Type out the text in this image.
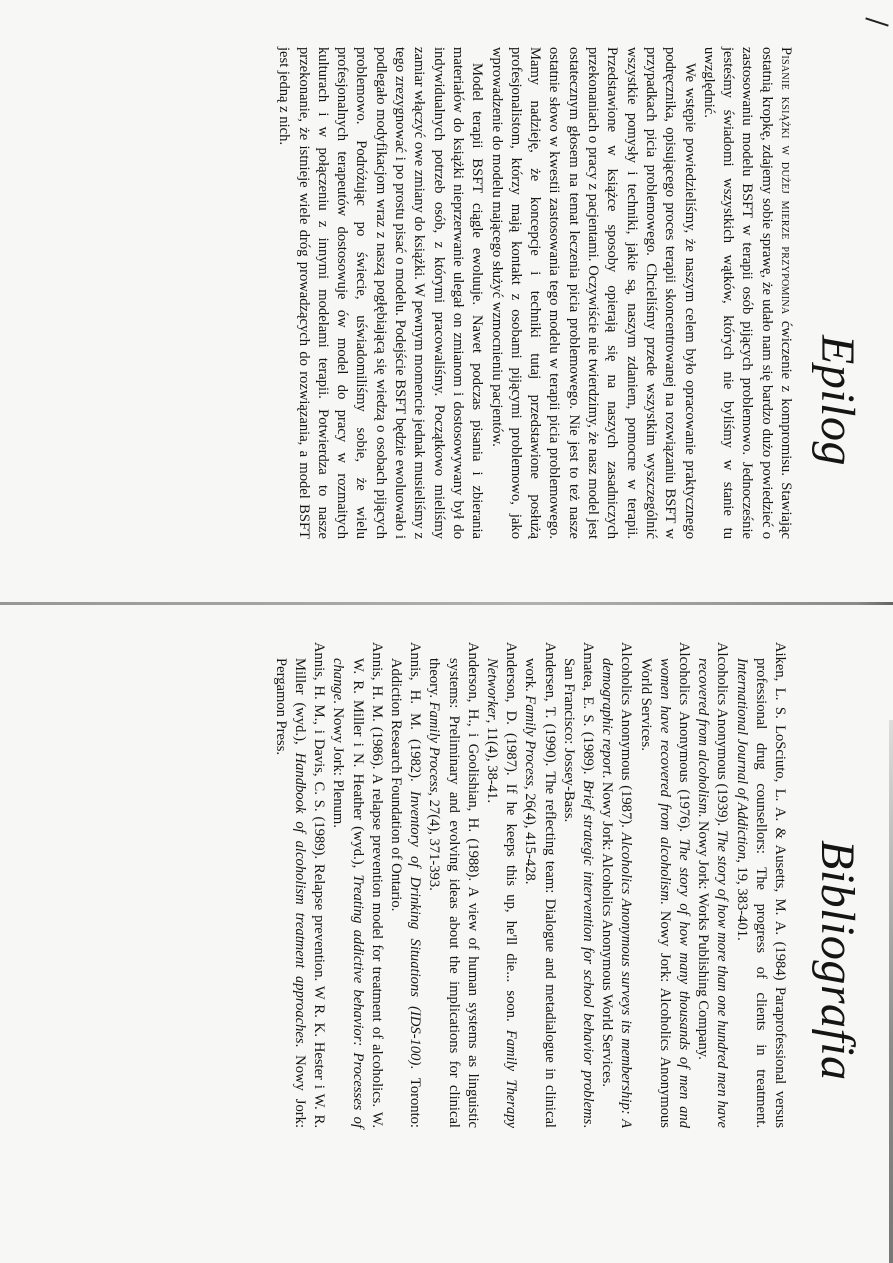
Epilog

Pisanie książki w dużej mierze przypomina ćwiczenie z kompromisu. Stawiając ostatnią kropkę, zdajemy sobie sprawę, że udało nam się bardzo dużo powiedzieć o zastosowaniu modelu BSFT w terapii osób pijących problemowo. Jednocześnie jesteśmy świadomi wszystkich wątków, których nie byliśmy w stanie tu uwzględnić.

We wstępie powiedzieliśmy, że naszym celem było opracowanie praktycznego podręcznika, opisującego proces terapii skoncentrowanej na rozwiązaniu BSFT w przypadkach picia problemowego. Chcieliśmy przede wszystkim wyszczególnić wszystkie pomysły i techniki, jakie są, naszym zdaniem, pomocne w terapii. Przedstawione w książce sposoby opierają się na naszych zasadniczych przekonaniach o pracy z pacjentami. Oczywiście nie twierdzimy, że nasz model jest ostatecznym głosem na temat leczenia picia problemowego. Nie jest to też nasze ostatnie słowo w kwestii zastosowania tego modelu w terapii picia problemowego. Mamy nadzieję, że koncepcje i techniki tutaj przedstawione posłużą profesjonalistom, którzy mają kontakt z osobami pijącymi problemowo, jako wprowadzenie do modelu mającego służyć wzmocnieniu pacjentów.

Model terapii BSFT ciągle ewoluuje. Nawet podczas pisania i zbierania materiałów do książki nieprzerwanie ulegał on zmianom i dostosowywany był do indywidualnych potrzeb osób, z którymi pracowaliśmy. Początkowo mieliśmy zamiar włączyć owe zmiany do książki. W pewnym momencie jednak musieliśmy z tego zrezygnować i po prostu pisać o modelu. Podejście BSFT będzie ewoluowało i podlegało modyfikacjom wraz z naszą pogłębiającą się wiedzą o osobach pijących problemowo. Podróżując po świecie, uświadomiliśmy sobie, że wielu profesjonalnych terapeutów dostosowuje ów model do pracy w rozmaitych kulturach i w połączeniu z innymi modelami terapii. Potwierdza to nasze przekonanie, że istnieje wiele dróg prowadzących do rozwiązania, a model BSFT jest jedną z nich.

Bibliografia
Aiken, L. S. LoSciuto, L. A. & Ausetts, M. A. (1984) Paraprofessional versus professional drug counsellors: The progress of clients in treatment. International Journal of Addiction, 19, 383-401.
Alcoholics Anonymous (1939). The story of how more than one hundred men have recovered from alcoholism. Nowy Jork: Works Publishing Company.
Alcoholics Anonymous (1976). The story of how many thousands of men and women have recovered from alcoholism. Nowy Jork: Alcoholics Anonymous World Services.
Alcoholics Anonymous (1987). Alcoholics Anonymous surveys its membership: A demographic report. Nowy Jork: Alcoholics Anonymous World Services.
Amatea, E. S. (1989). Brief strategic intervention for school behavior problems. San Francisco: Jossey-Bass.
Andersen, T. (1990). The reflecting team: Dialogue and metadialogue in clinical work. Family Process, 26(4), 415-428.
Anderson, D. (1987). If he keeps this up, he'll die... soon. Family Therapy Networker, 11(4), 38-41.
Anderson, H., i Goolishian, H. (1988). A view of human systems as linguistic systems: Preliminary and evolving ideas about the implications for clinical theory. Family Process, 27(4), 371-393.
Annis, H. M. (1982). Inventory of Drinking Situations (IDS-100). Toronto: Addiction Research Foundation of Ontario.
Annis, H. M. (1986). A relapse prevention model for treatment of alcoholics. W. W. R. Miller i N. Heather (wyd.), Treating addictive behavior: Processes of change. Nowy Jork: Plenum.
Annis, H. M., i Davis, C. S. (1989). Relapse prevention. W R. K. Hester i W. R. Miller (wyd.), Handbook of alcoholism treatment approaches. Nowy Jork: Pergamon Press.
